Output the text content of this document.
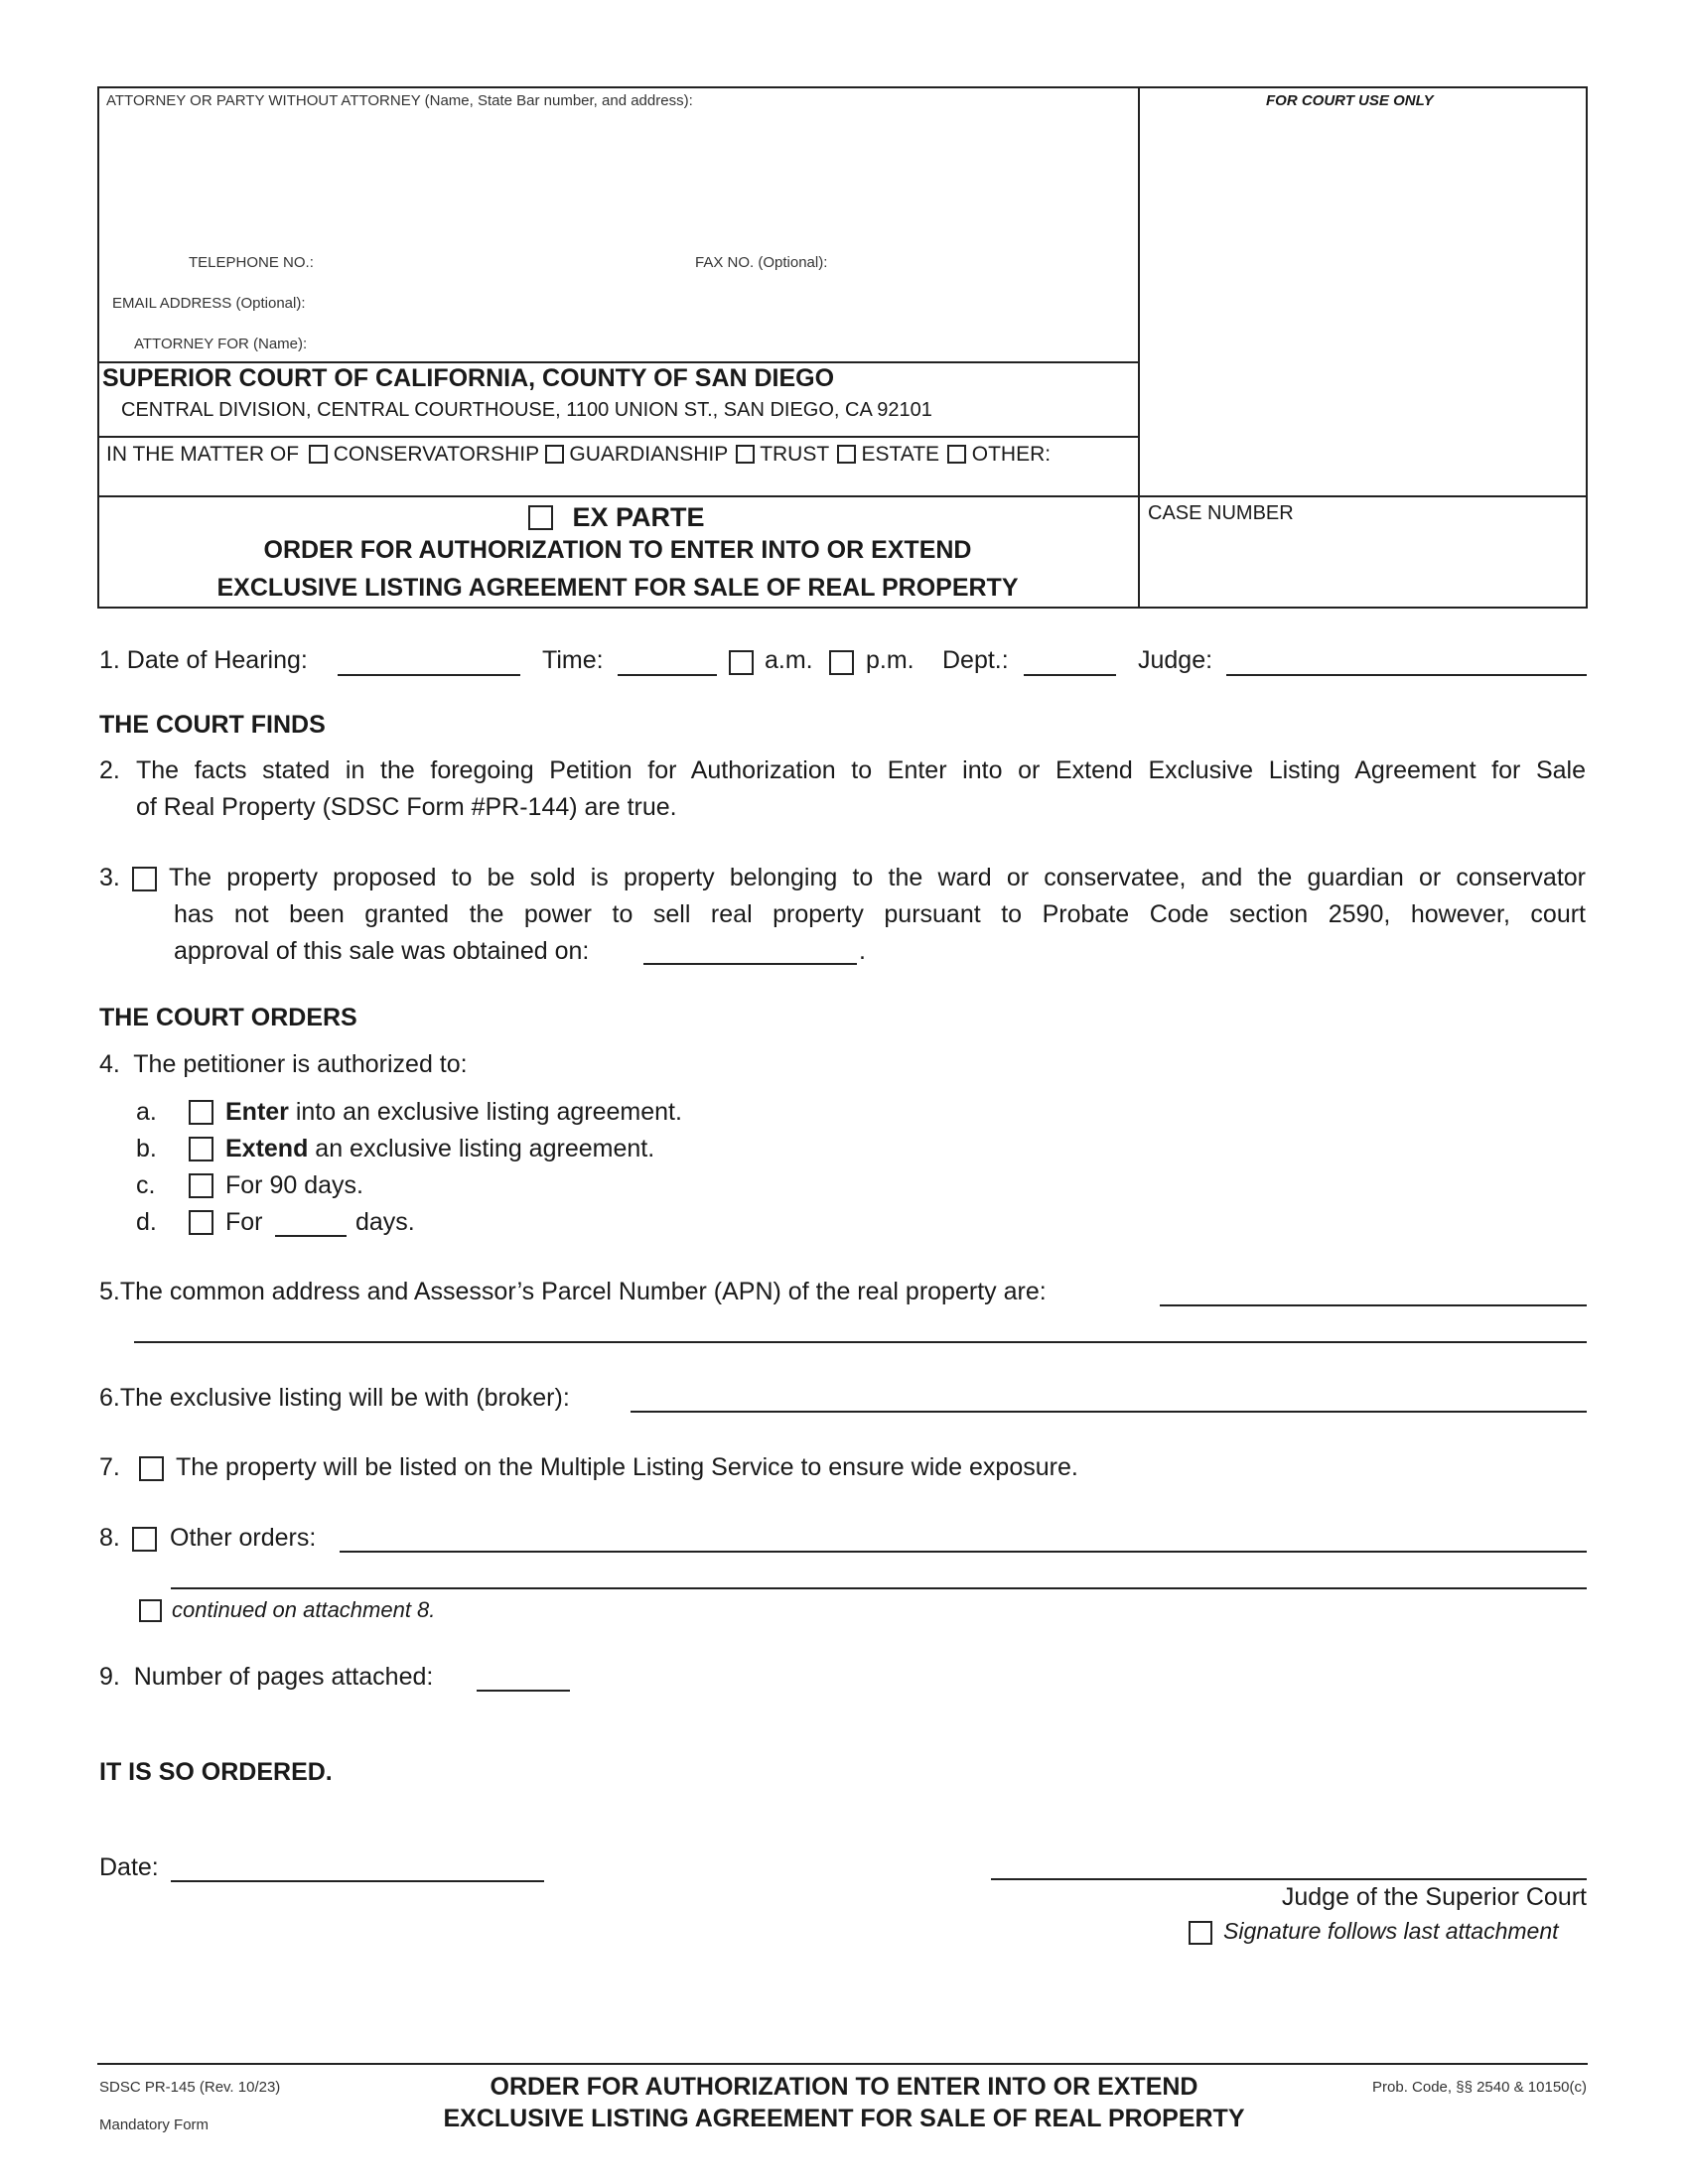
ATTORNEY OR PARTY WITHOUT ATTORNEY (Name, State Bar number, and address):	FOR COURT USE ONLY
TELEPHONE NO.:	FAX NO. (Optional):
EMAIL ADDRESS (Optional):
ATTORNEY FOR (Name):
SUPERIOR COURT OF CALIFORNIA, COUNTY OF SAN DIEGO
CENTRAL DIVISION, CENTRAL COURTHOUSE, 1100 UNION ST., SAN DIEGO, CA 92101
IN THE MATTER OF CONSERVATORSHIP GUARDIANSHIP TRUST ESTATE OTHER:
EX PARTE
ORDER FOR AUTHORIZATION TO ENTER INTO OR EXTEND
EXCLUSIVE LISTING AGREEMENT FOR SALE OF REAL PROPERTY
CASE NUMBER
1. Date of Hearing:	Time:	a.m. p.m. Dept.:	Judge:
THE COURT FINDS
2. The facts stated in the foregoing Petition for Authorization to Enter into or Extend Exclusive Listing Agreement for Sale
of Real Property (SDSC Form #PR-144) are true.
3. The property proposed to be sold is property belonging to the ward or conservatee, and the guardian or conservator
has not been granted the power to sell real property pursuant to Probate Code section 2590, however, court
approval of this sale was obtained on:	.
THE COURT ORDERS
4.  The petitioner is authorized to:
a.	Enter into an exclusive listing agreement.
b.	Extend an exclusive listing agreement.
c.	For 90 days.
d.	For	days.
5.The common address and Assessor’s Parcel Number (APN) of the real property are:
6.The exclusive listing will be with (broker):
7. The property will be listed on the Multiple Listing Service to ensure wide exposure.
8. Other orders:
continued on attachment 8.
9.  Number of pages attached:
IT IS SO ORDERED.
Date:
Judge of the Superior Court
Signature follows last attachment
SDSC PR-145 (Rev. 10/23)
Mandatory Form
ORDER FOR AUTHORIZATION TO ENTER INTO OR EXTEND
EXCLUSIVE LISTING AGREEMENT FOR SALE OF REAL PROPERTY
Prob. Code, §§ 2540 & 10150(c)
